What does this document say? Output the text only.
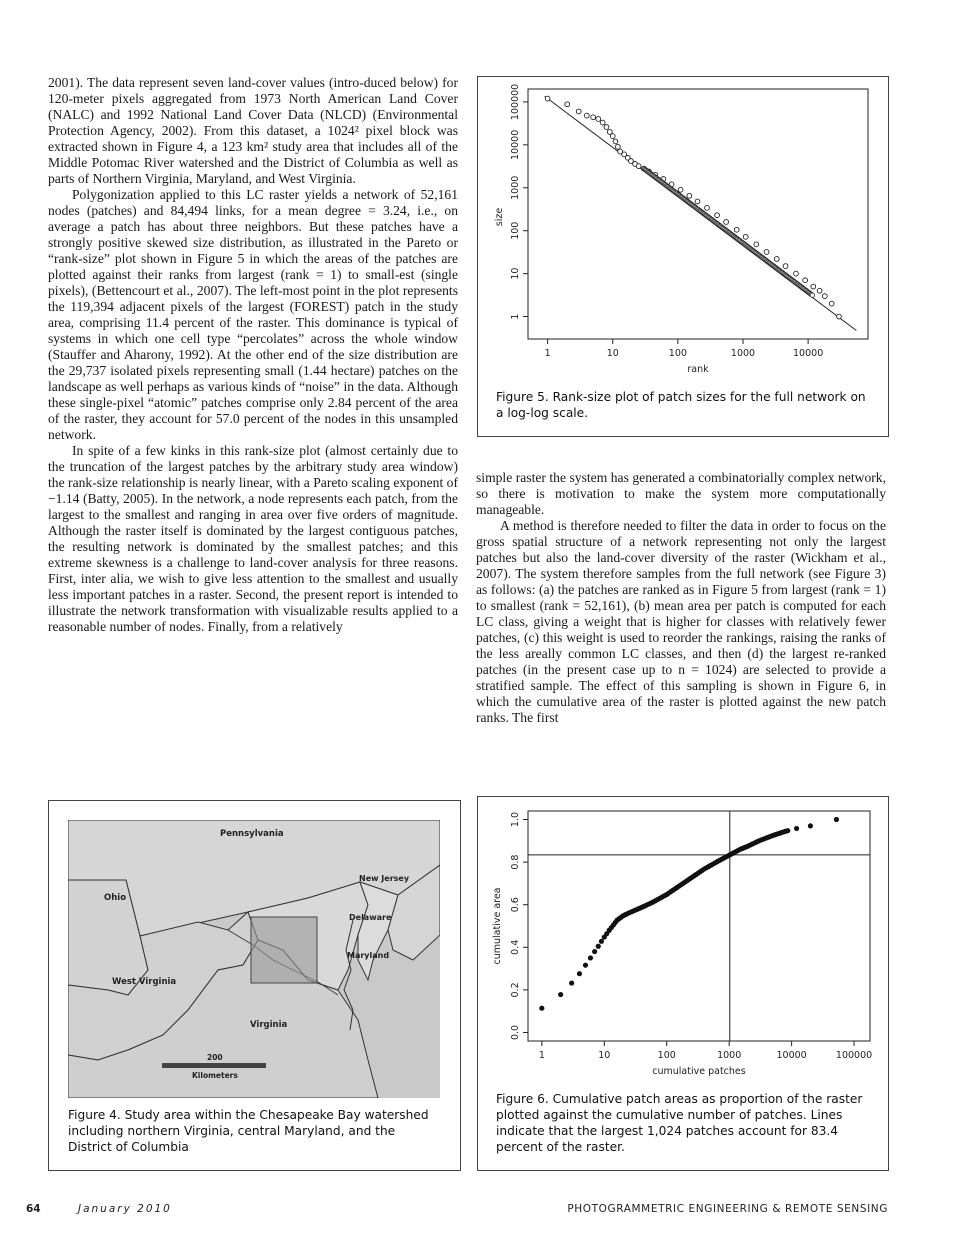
2001). The data represent seven land-cover values (intro-duced below) for 120-meter pixels aggregated from 1973 North American Land Cover (NALC) and 1992 National Land Cover Data (NLCD) (Environmental Protection Agency, 2002). From this dataset, a 1024² pixel block was extracted shown in Figure 4, a 123 km² study area that includes all of the Middle Potomac River watershed and the District of Columbia as well as parts of Northern Virginia, Maryland, and West Virginia.

Polygonization applied to this LC raster yields a network of 52,161 nodes (patches) and 84,494 links, for a mean degree = 3.24, i.e., on average a patch has about three neighbors. But these patches have a strongly positive skewed size distribution, as illustrated in the Pareto or “rank-size” plot shown in Figure 5 in which the areas of the patches are plotted against their ranks from largest (rank = 1) to small-est (single pixels), (Bettencourt et al., 2007). The left-most point in the plot represents the 119,394 adjacent pixels of the largest (FOREST) patch in the study area, comprising 11.4 percent of the raster. This dominance is typical of systems in which one cell type “percolates” across the whole window (Stauffer and Aharony, 1992). At the other end of the size distribution are the 29,737 isolated pixels representing small (1.44 hectare) patches on the landscape as well perhaps as various kinds of “noise” in the data. Although these single-pixel “atomic” patches comprise only 2.84 percent of the area of the raster, they account for 57.0 percent of the nodes in this unsampled network.

In spite of a few kinks in this rank-size plot (almost certainly due to the truncation of the largest patches by the arbitrary study area window) the rank-size relationship is nearly linear, with a Pareto scaling exponent of −1.14 (Batty, 2005). In the network, a node represents each patch, from the largest to the smallest and ranging in area over five orders of magnitude. Although the raster itself is dominated by the largest contiguous patches, the resulting network is dominated by the smallest patches; and this extreme skewness is a challenge to land-cover analysis for three reasons. First, inter alia, we wish to give less attention to the smallest and usually less important patches in a raster. Second, the present report is intended to illustrate the network transformation with visualizable results applied to a reasonable number of nodes. Finally, from a relatively

1	10	100	1000	10000
1
10
100
1000
10000
100000
rank
size
Figure 5. Rank-size plot of patch sizes for the full network on a log-log scale.

simple raster the system has generated a combinatorially complex network, so there is motivation to make the system more computationally manageable.

A method is therefore needed to filter the data in order to focus on the gross spatial structure of a network representing not only the largest patches but also the land-cover diversity of the raster (Wickham et al., 2007). The system therefore samples from the full network (see Figure 3) as follows: (a) the patches are ranked as in Figure 5 from largest (rank = 1) to smallest (rank = 52,161), (b) mean area per patch is computed for each LC class, giving a weight that is higher for classes with relatively fewer patches, (c) this weight is used to reorder the rankings, raising the ranks of the less areally common LC classes, and then (d) the largest re-ranked patches (in the present case up to n = 1024) are selected to provide a stratified sample. The effect of this sampling is shown in Figure 6, in which the cumulative area of the raster is plotted against the new patch ranks. The first

Pennsylvania
Ohio
New Jersey
Delaware
Maryland
West Virginia
Virginia
200
Kilometers
Figure 4. Study area within the Chesapeake Bay watershed including northern Virginia, central Maryland, and the District of Columbia
1	10	100	1000	10000	100000
0.0
0.2
0.4
0.6
0.8
1.0
cumulative patches
cumulative area
Figure 6. Cumulative patch areas as proportion of the raster plotted against the cumulative number of patches. Lines indicate that the largest 1,024 patches account for 83.4 percent of the raster.
64	January 2010	PHOTOGRAMMETRIC ENGINEERING & REMOTE SENSING
